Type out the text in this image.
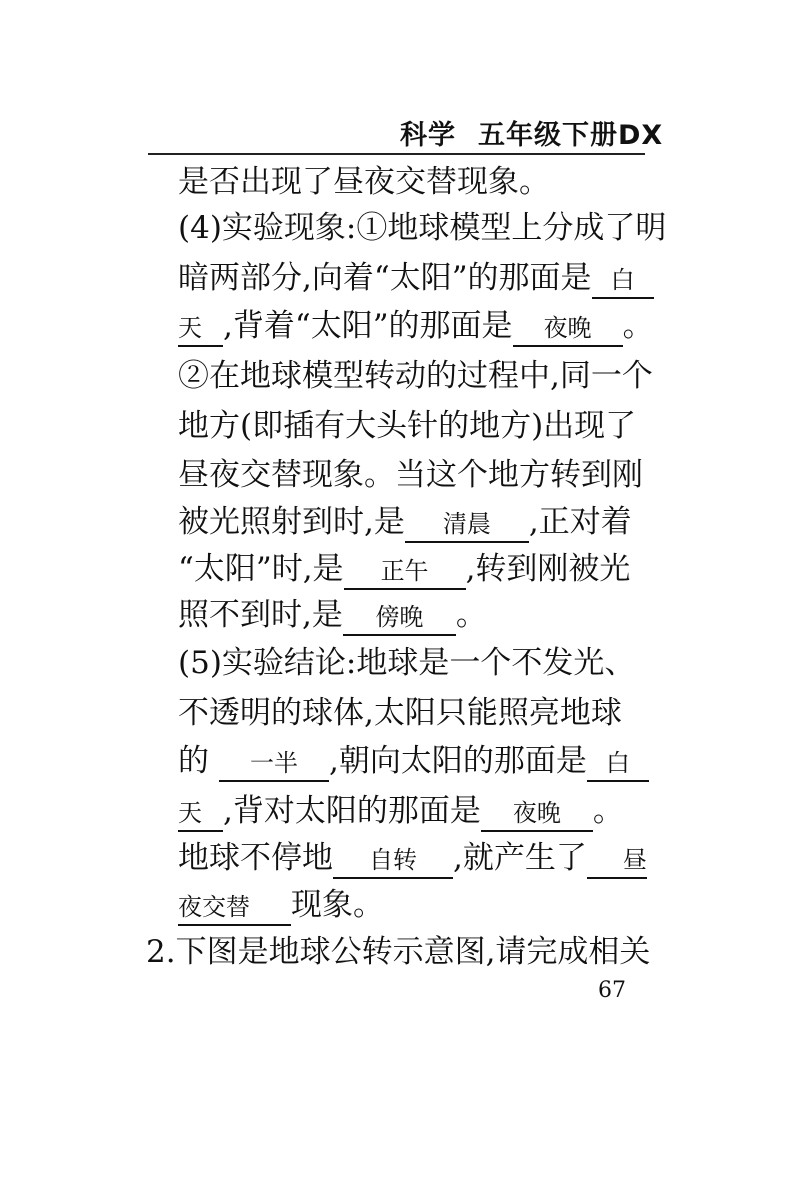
科学 五年级下册DX
是否出现了昼夜交替现象。
(4)实验现象:①地球模型上分成了明
暗两部分,向着“太阳”的那面是 白
天 ,背着“太阳”的那面是 夜晚 。
②在地球模型转动的过程中,同一个
地方(即插有大头针的地方)出现了
昼夜交替现象。当这个地方转到刚
被光照射到时,是 清晨 ,正对着
“太阳”时,是 正午 ,转到刚被光
照不到时,是 傍晚 。
(5)实验结论:地球是一个不发光、
不透明的球体,太阳只能照亮地球
的 一半 ,朝向太阳的那面是 白
天 ,背对太阳的那面是 夜晚 。
地球不停地 自转 ,就产生了 昼
夜交替 现象。
2.下图是地球公转示意图,请完成相关
67
